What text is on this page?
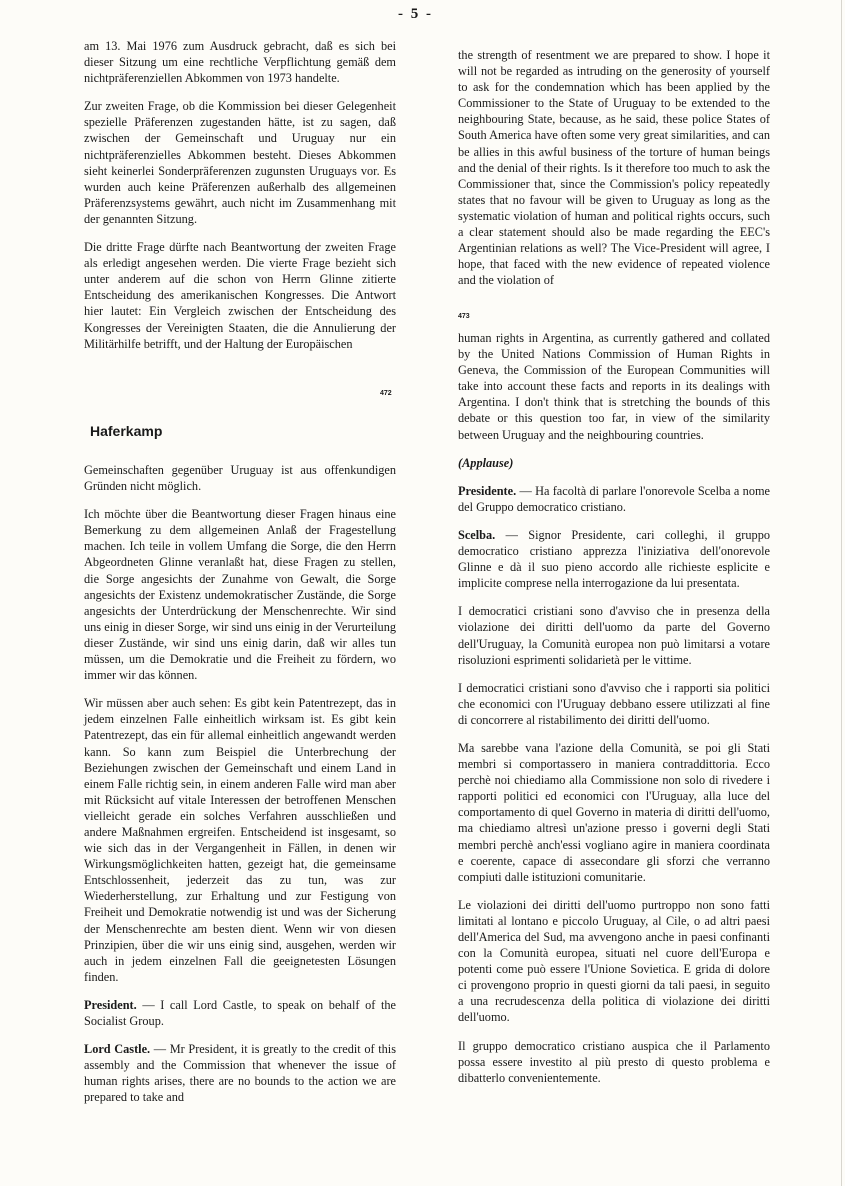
- 5 -

am 13. Mai 1976 zum Ausdruck gebracht, daß es sich bei dieser Sitzung um eine rechtliche Verpflichtung gemäß dem nichtpräferenziellen Abkommen von 1973 handelte.

Zur zweiten Frage, ob die Kommission bei dieser Gelegenheit spezielle Präferenzen zugestanden hätte, ist zu sagen, daß zwischen der Gemeinschaft und Uruguay nur ein nichtpräferenzielles Abkommen besteht. Dieses Abkommen sieht keinerlei Sonderpräferenzen zugunsten Uruguays vor. Es wurden auch keine Präferenzen außerhalb des allgemeinen Präferenzsystems gewährt, auch nicht im Zusammenhang mit der genannten Sitzung.

Die dritte Frage dürfte nach Beantwortung der zweiten Frage als erledigt angesehen werden. Die vierte Frage bezieht sich unter anderem auf die schon von Herrn Glinne zitierte Entscheidung des amerikanischen Kongresses. Die Antwort hier lautet: Ein Vergleich zwischen der Entscheidung des Kongresses der Vereinigten Staaten, die die Annulierung der Militärhilfe betrifft, und der Haltung der Europäischen

472
Haferkamp

Gemeinschaften gegenüber Uruguay ist aus offenkundigen Gründen nicht möglich.

Ich möchte über die Beantwortung dieser Fragen hinaus eine Bemerkung zu dem allgemeinen Anlaß der Fragestellung machen. Ich teile in vollem Umfang die Sorge, die den Herrn Abgeordneten Glinne veranlaßt hat, diese Fragen zu stellen, die Sorge angesichts der Zunahme von Gewalt, die Sorge angesichts der Existenz undemokratischer Zustände, die Sorge angesichts der Unterdrückung der Menschenrechte. Wir sind uns einig in dieser Sorge, wir sind uns einig in der Verurteilung dieser Zustände, wir sind uns einig darin, daß wir alles tun müssen, um die Demokratie und die Freiheit zu fördern, wo immer wir das können.

Wir müssen aber auch sehen: Es gibt kein Patentrezept, das in jedem einzelnen Falle einheitlich wirksam ist. Es gibt kein Patentrezept, das ein für allemal einheitlich angewandt werden kann. So kann zum Beispiel die Unterbrechung der Beziehungen zwischen der Gemeinschaft und einem Land in einem Falle richtig sein, in einem anderen Falle wird man aber mit Rücksicht auf vitale Interessen der betroffenen Menschen vielleicht gerade ein solches Verfahren ausschließen und andere Maßnahmen ergreifen. Entscheidend ist insgesamt, so wie sich das in der Vergangenheit in Fällen, in denen wir Wirkungsmöglichkeiten hatten, gezeigt hat, die gemeinsame Entschlossenheit, jederzeit das zu tun, was zur Wiederherstellung, zur Erhaltung und zur Festigung von Freiheit und Demokratie notwendig ist und was der Sicherung der Menschenrechte am besten dient. Wenn wir von diesen Prinzipien, über die wir uns einig sind, ausgehen, werden wir auch in jedem einzelnen Fall die geeignetesten Lösungen finden.

President. — I call Lord Castle, to speak on behalf of the Socialist Group.

Lord Castle. — Mr President, it is greatly to the credit of this assembly and the Commission that whenever the issue of human rights arises, there are no bounds to the action we are prepared to take and

the strength of resentment we are prepared to show. I hope it will not be regarded as intruding on the generosity of yourself to ask for the condemnation which has been applied by the Commissioner to the State of Uruguay to be extended to the neighbouring State, because, as he said, these police States of South America have often some very great similarities, and can be allies in this awful business of the torture of human beings and the denial of their rights. Is it therefore too much to ask the Commissioner that, since the Commission's policy repeatedly states that no favour will be given to Uruguay as long as the systematic violation of human and political rights occurs, such a clear statement should also be made regarding the EEC's Argentinian relations as well? The Vice-President will agree, I hope, that faced with the new evidence of repeated violence and the violation of

473

human rights in Argentina, as currently gathered and collated by the United Nations Commission of Human Rights in Geneva, the Commission of the European Communities will take into account these facts and reports in its dealings with Argentina. I don't think that is stretching the bounds of this debate or this question too far, in view of the similarity between Uruguay and the neighbouring countries.

(Applause)

Presidente. — Ha facoltà di parlare l'onorevole Scelba a nome del Gruppo democratico cristiano.

Scelba. — Signor Presidente, cari colleghi, il gruppo democratico cristiano apprezza l'iniziativa dell'onorevole Glinne e dà il suo pieno accordo alle richieste esplicite e implicite comprese nella interrogazione da lui presentata.

I democratici cristiani sono d'avviso che in presenza della violazione dei diritti dell'uomo da parte del Governo dell'Uruguay, la Comunità europea non può limitarsi a votare risoluzioni esprimenti solidarietà per le vittime.

I democratici cristiani sono d'avviso che i rapporti sia politici che economici con l'Uruguay debbano essere utilizzati al fine di concorrere al ristabilimento dei diritti dell'uomo.

Ma sarebbe vana l'azione della Comunità, se poi gli Stati membri si comportassero in maniera contraddittoria. Ecco perchè noi chiediamo alla Commissione non solo di rivedere i rapporti politici ed economici con l'Uruguay, alla luce del comportamento di quel Governo in materia di diritti dell'uomo, ma chiediamo altresì un'azione presso i governi degli Stati membri perchè anch'essi vogliano agire in maniera coordinata e coerente, capace di assecondare gli sforzi che verranno compiuti dalle istituzioni comunitarie.

Le violazioni dei diritti dell'uomo purtroppo non sono fatti limitati al lontano e piccolo Uruguay, al Cile, o ad altri paesi dell'America del Sud, ma avvengono anche in paesi confinanti con la Comunità europea, situati nel cuore dell'Europa e potenti come può essere l'Unione Sovietica. E grida di dolore ci provengono proprio in questi giorni da tali paesi, in seguito a una recrudescenza della politica di violazione dei diritti dell'uomo.

Il gruppo democratico cristiano auspica che il Parlamento possa essere investito al più presto di questo problema e dibatterlo convenientemente.
